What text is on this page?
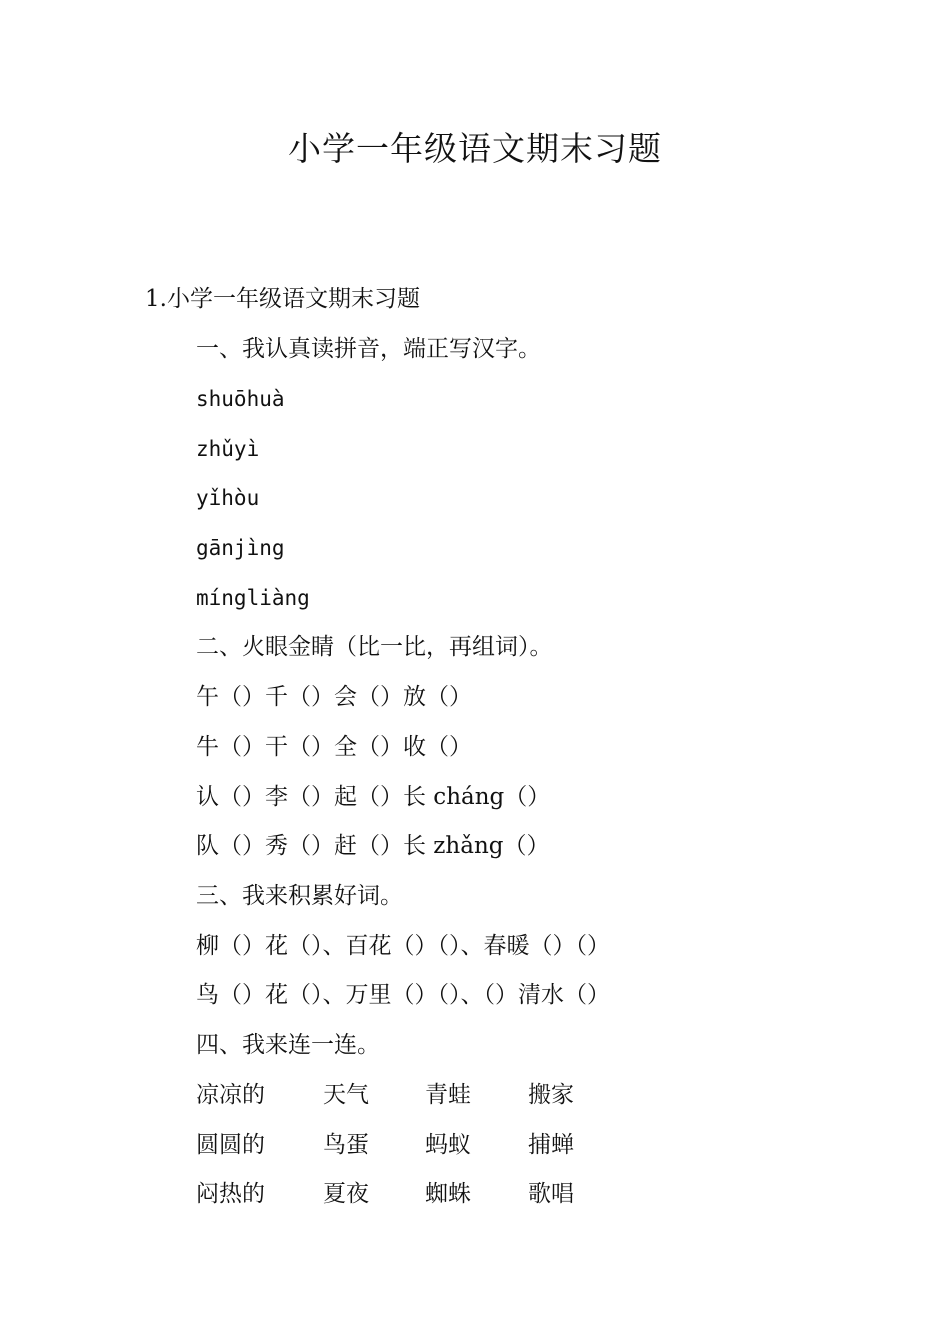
小学一年级语文期末习题
1.小学一年级语文期末习题
一、我认真读拼音，端正写汉字。
shuōhuà
zhǔyì
yǐhòu
gānjìng
míngliàng
二、火眼金睛（比一比，再组词）。
午（）千（）会（）放（）
牛（）干（）全（）收（）
认（）李（）起（）长 cháng（）
队（）秀（）赶（）长 zhǎng（）
三、我来积累好词。
柳（）花（）、百花（）（）、春暖（）（）
鸟（）花（）、万里（）（）、（）清水（）
四、我来连一连。
凉凉的	天气 青蛙 搬家
圆圆的	鸟蛋 蚂蚁 捕蝉
闷热的	夏夜 蜘蛛 歌唱
